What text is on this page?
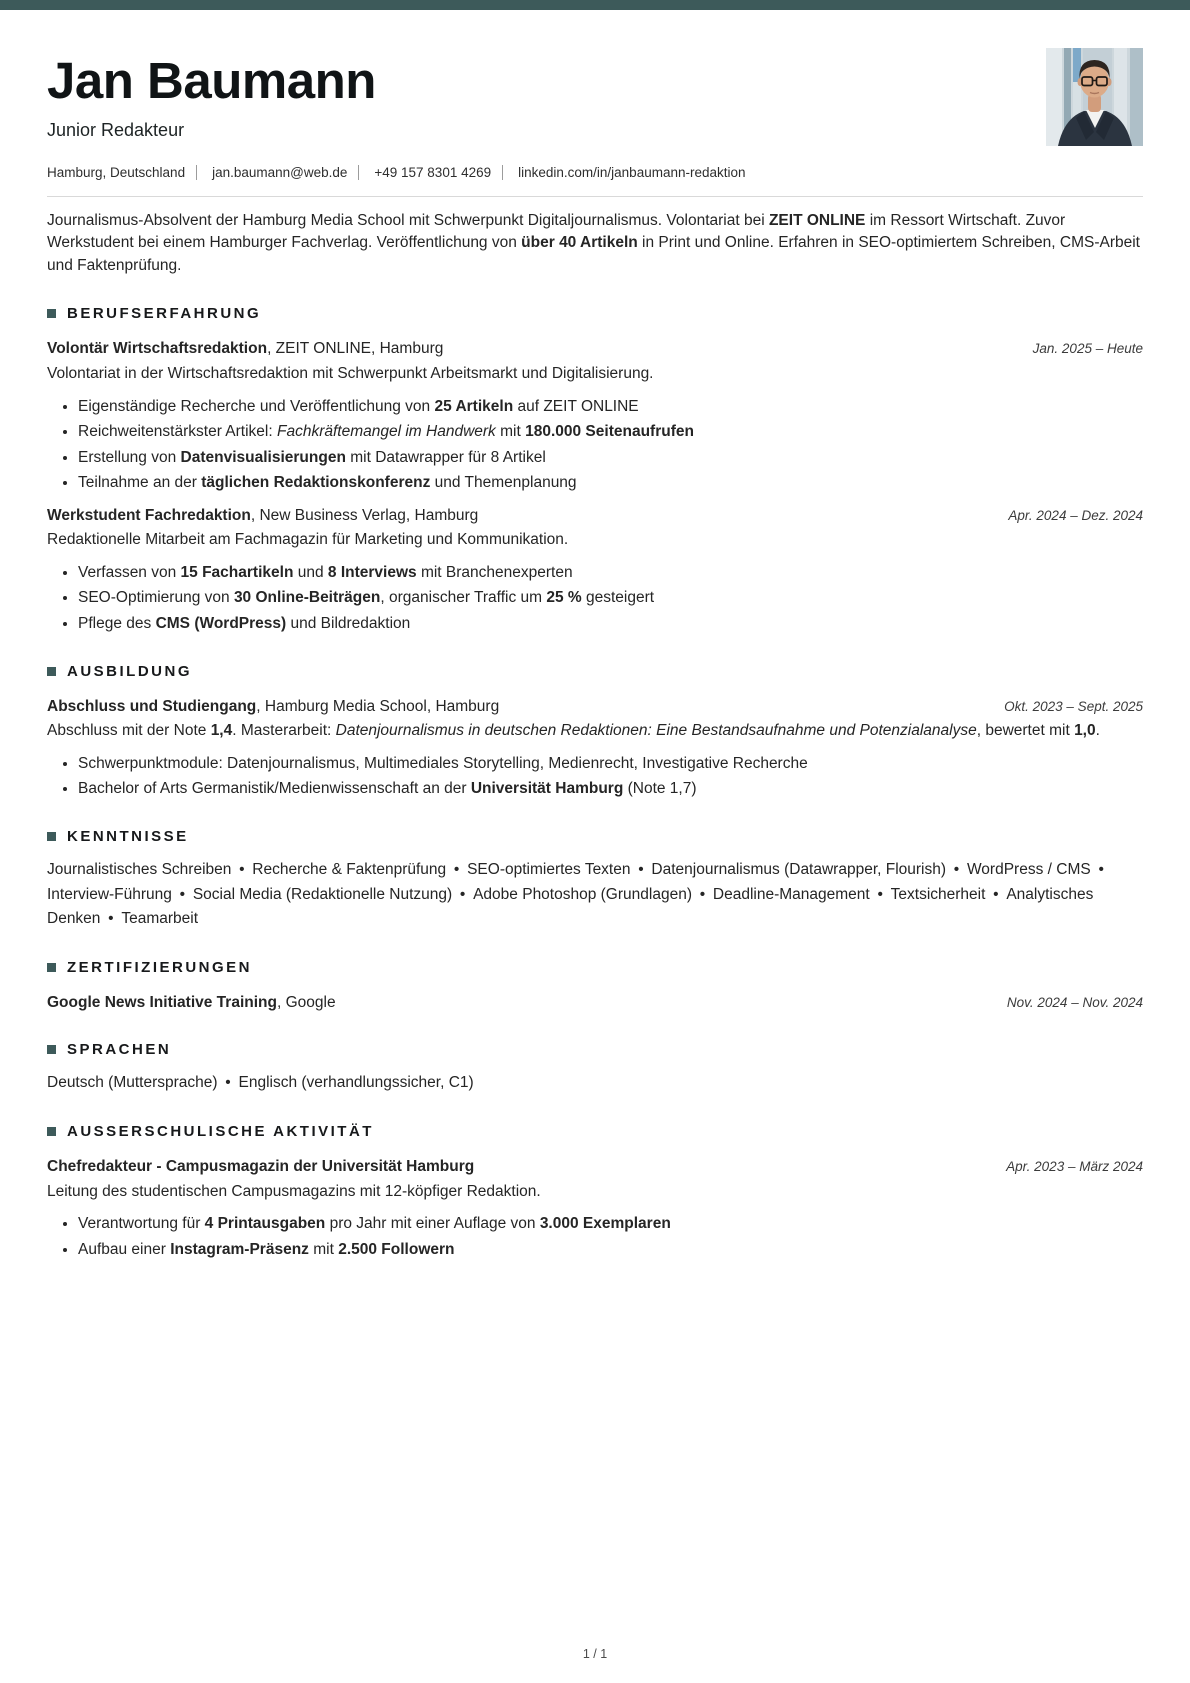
Jan Baumann
Junior Redakteur
Hamburg, Deutschland jan.baumann@web.de +49 157 8301 4269 linkedin.com/in/janbaumann-redaktion
Journalismus-Absolvent der Hamburg Media School mit Schwerpunkt Digitaljournalismus. Volontariat bei ZEIT ONLINE im Ressort Wirtschaft. Zuvor Werkstudent bei einem Hamburger Fachverlag. Veröffentlichung von über 40 Artikeln in Print und Online. Erfahren in SEO-optimiertem Schreiben, CMS-Arbeit und Faktenprüfung.
BERUFSERFAHRUNG
Volontär Wirtschaftsredaktion, ZEIT ONLINE, Hamburg	Jan. 2025 – Heute
Volontariat in der Wirtschaftsredaktion mit Schwerpunkt Arbeitsmarkt und Digitalisierung.
• Eigenständige Recherche und Veröffentlichung von 25 Artikeln auf ZEIT ONLINE
• Reichweitenstärkster Artikel: Fachkräftemangel im Handwerk mit 180.000 Seitenaufrufen
• Erstellung von Datenvisualisierungen mit Datawrapper für 8 Artikel
• Teilnahme an der täglichen Redaktionskonferenz und Themenplanung
Werkstudent Fachredaktion, New Business Verlag, Hamburg	Apr. 2024 – Dez. 2024
Redaktionelle Mitarbeit am Fachmagazin für Marketing und Kommunikation.
• Verfassen von 15 Fachartikeln und 8 Interviews mit Branchenexperten
• SEO-Optimierung von 30 Online-Beiträgen, organischer Traffic um 25 % gesteigert
• Pflege des CMS (WordPress) und Bildredaktion
AUSBILDUNG
Abschluss und Studiengang, Hamburg Media School, Hamburg	Okt. 2023 – Sept. 2025
Abschluss mit der Note 1,4. Masterarbeit: Datenjournalismus in deutschen Redaktionen: Eine Bestandsaufnahme und Potenzialanalyse, bewertet mit 1,0.
• Schwerpunktmodule: Datenjournalismus, Multimediales Storytelling, Medienrecht, Investigative Recherche
• Bachelor of Arts Germanistik/Medienwissenschaft an der Universität Hamburg (Note 1,7)
KENNTNISSE
Journalistisches Schreiben • Recherche & Faktenprüfung • SEO-optimiertes Texten • Datenjournalismus (Datawrapper, Flourish) • WordPress / CMS • Interview-Führung • Social Media (Redaktionelle Nutzung) • Adobe Photoshop (Grundlagen) • Deadline-Management • Textsicherheit • Analytisches Denken • Teamarbeit
ZERTIFIZIERUNGEN
Google News Initiative Training, Google	Nov. 2024 – Nov. 2024
SPRACHEN
Deutsch (Muttersprache) • Englisch (verhandlungssicher, C1)
AUSSERSCHULISCHE AKTIVITÄT
Chefredakteur - Campusmagazin der Universität Hamburg	Apr. 2023 – März 2024
Leitung des studentischen Campusmagazins mit 12-köpfiger Redaktion.
• Verantwortung für 4 Printausgaben pro Jahr mit einer Auflage von 3.000 Exemplaren
• Aufbau einer Instagram-Präsenz mit 2.500 Followern
1 / 1
